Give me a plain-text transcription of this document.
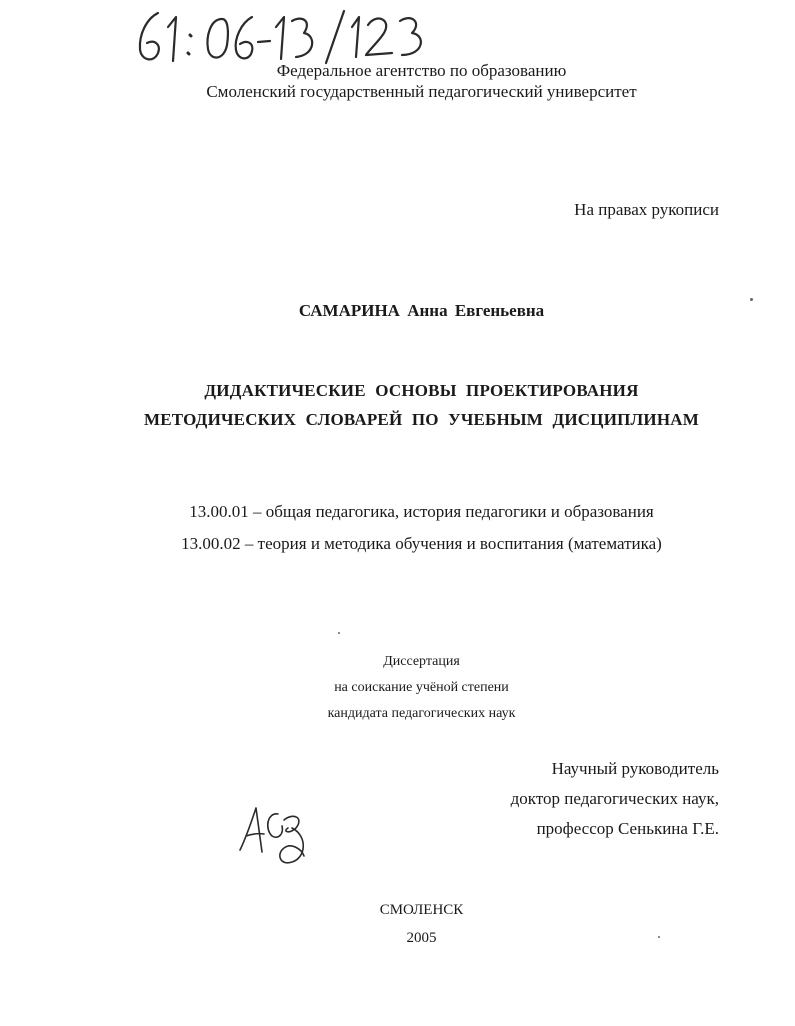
Федеральное агентство по образованию
Смоленский государственный педагогический университет
На правах рукописи
САМАРИНА Анна Евгеньевна
ДИДАКТИЧЕСКИЕ ОСНОВЫ ПРОЕКТИРОВАНИЯ
МЕТОДИЧЕСКИХ СЛОВАРЕЙ ПО УЧЕБНЫМ ДИСЦИПЛИНАМ
13.00.01 – общая педагогика, история педагогики и образования
13.00.02 – теория и методика обучения и воспитания (математика)
Диссертация
на соискание учёной степени
кандидата педагогических наук
Научный руководитель
доктор педагогических наук,
профессор Сенькина Г.Е.
СМОЛЕНСК
2005
